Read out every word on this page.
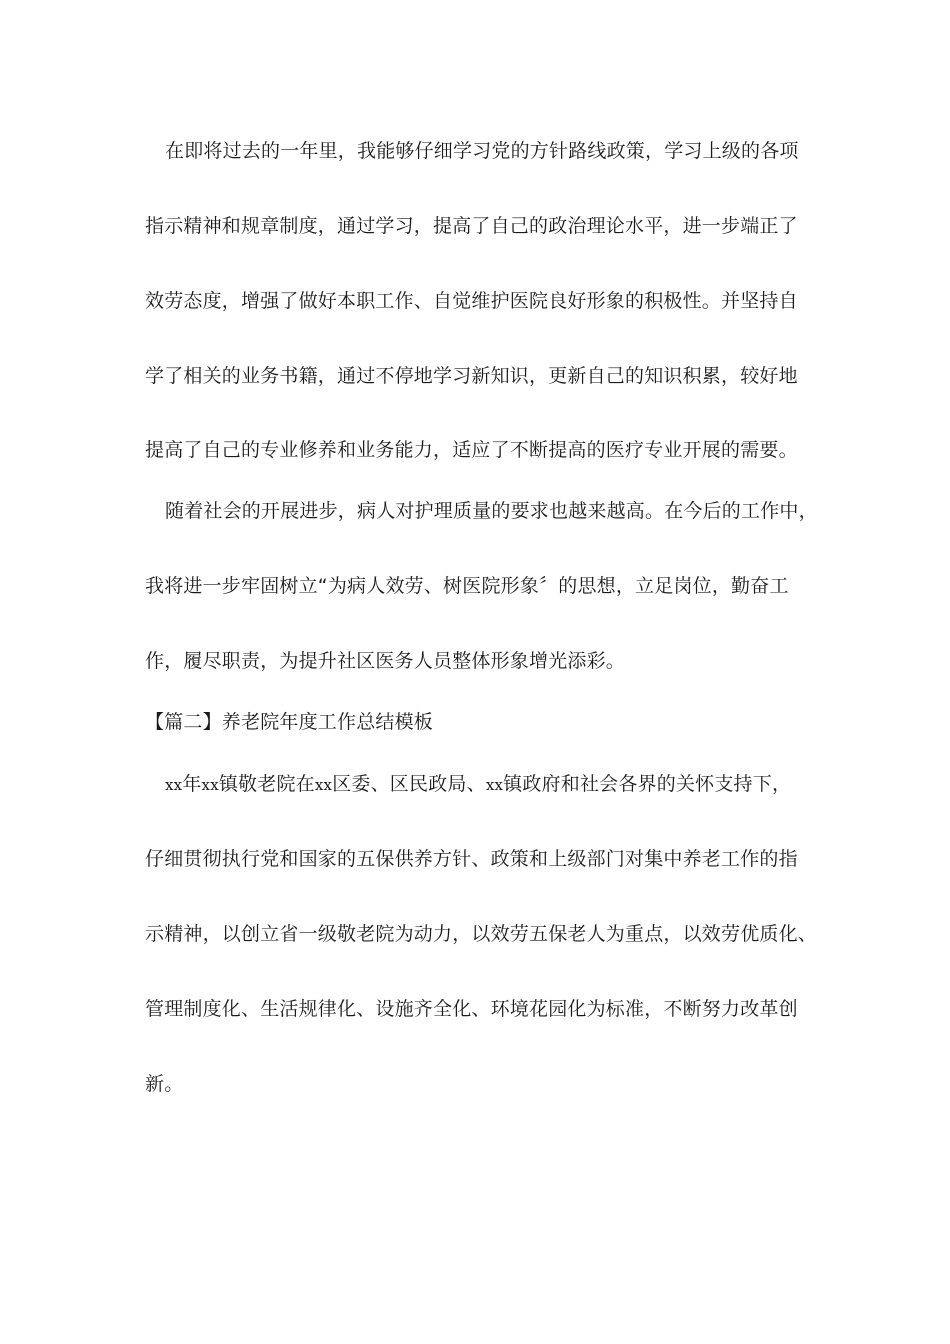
在即将过去的一年里，我能够仔细学习党的方针路线政策，学习上级的各项
指示精神和规章制度，通过学习，提高了自己的政治理论水平，进一步端正了
效劳态度，增强了做好本职工作、自觉维护医院良好形象的积极性。并坚持自
学了相关的业务书籍，通过不停地学习新知识，更新自己的知识积累，较好地
提高了自己的专业修养和业务能力，适应了不断提高的医疗专业开展的需要。
随着社会的开展进步，病人对护理质量的要求也越来越高。在今后的工作中，
我将进一步牢固树立“为病人效劳、树医院形象〞的思想，立足岗位，勤奋工
作，履尽职责，为提升社区医务人员整体形象增光添彩。
【篇二】养老院年度工作总结模板
xx年xx镇敬老院在xx区委、区民政局、xx镇政府和社会各界的关怀支持下，
仔细贯彻执行党和国家的五保供养方针、政策和上级部门对集中养老工作的指
示精神，以创立省一级敬老院为动力，以效劳五保老人为重点，以效劳优质化、
管理制度化、生活规律化、设施齐全化、环境花园化为标准，不断努力改革创
新。
